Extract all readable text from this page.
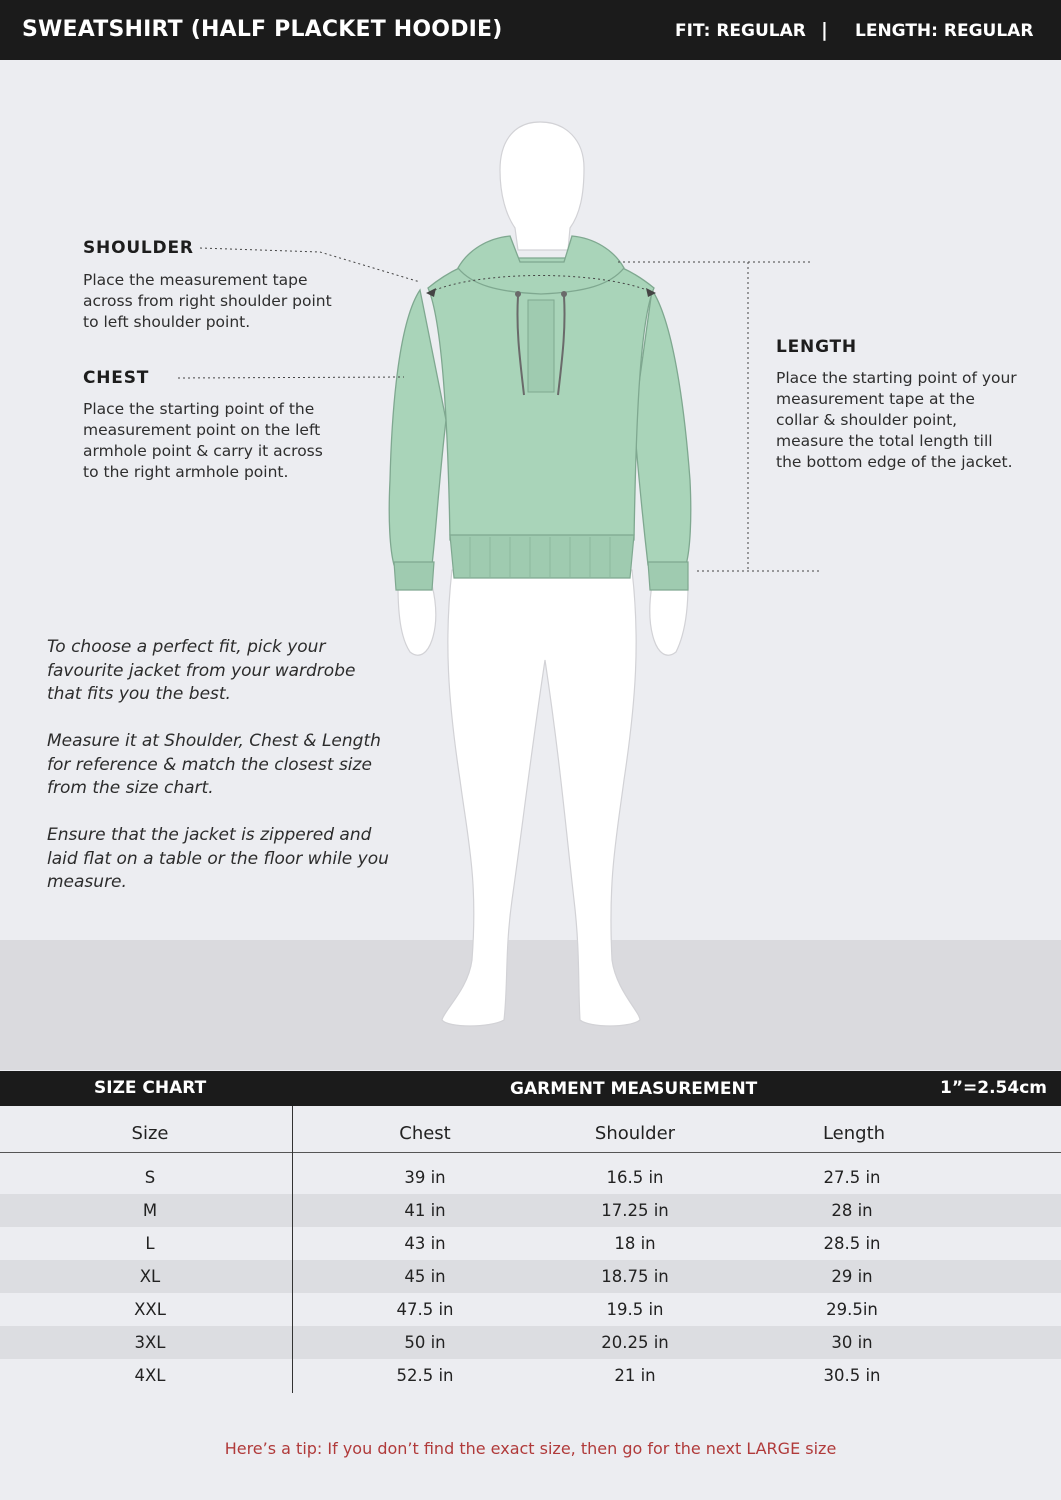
SWEATSHIRT (HALF PLACKET HOODIE)	FIT: REGULAR | LENGTH: REGULAR
SHOULDER

Place the measurement tape
across from right shoulder point
to left shoulder point.

CHEST

Place the starting point of the
measurement point on the left
armhole point & carry it across
to the right armhole point.

LENGTH

Place the starting point of your
measurement tape at the
collar & shoulder point,
measure the total length till
the bottom edge of the jacket.

To choose a perfect fit, pick your
favourite jacket from your wardrobe
that fits you the best.

Measure it at Shoulder, Chest & Length
for reference & match the closest size
from the size chart.

Ensure that the jacket is zippered and
laid flat on a table or the floor while you
measure.

SIZE CHART	GARMENT MEASUREMENT	1”=2.54cm
Size	Chest	Shoulder	Length
S	39 in	16.5 in	27.5 in
M	41 in	17.25 in	28 in
L	43 in	18 in	28.5 in
XL	45 in	18.75 in	29 in
XXL	47.5 in	19.5 in	29.5in
3XL	50 in	20.25 in	30 in
4XL	52.5 in	21 in	30.5 in
Here’s a tip: If you don’t find the exact size, then go for the next LARGE size
